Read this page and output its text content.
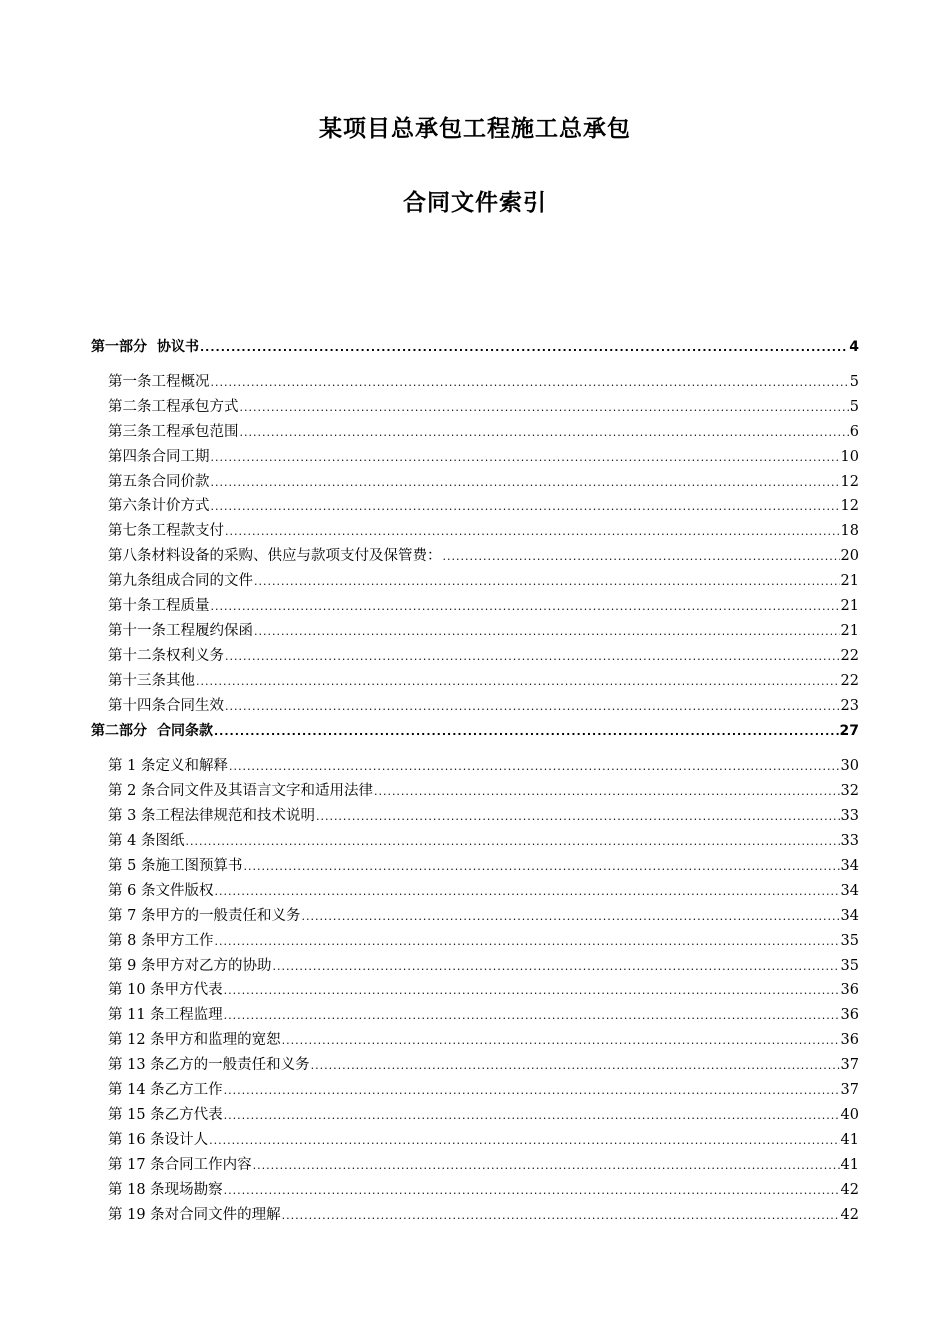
某项目总承包工程施工总承包
合同文件索引
第一部分 协议书 .....	4
第一条 工程概况 .....	5
第二条 工程承包方式 .....	5
第三条 工程承包范围 .....	6
第四条 合同工期 .....	10
第五条 合同价款 .....	12
第六条 计价方式 .....	12
第七条 工程款支付 .....	18
第八条 材料设备的采购、供应与款项支付及保管费： .....	20
第九条 组成合同的文件 .....	21
第十条 工程质量 .....	21
第十一条 工程履约保函 .....	21
第十二条 权利义务 .....	22
第十三条 其他 .....	22
第十四条 合同生效 .....	23
第二部分 合同条款 .....	27
第 1 条 定义和解释 .....	30
第 2 条 合同文件及其语言文字和适用法律 .....	32
第 3 条 工程法律规范和技术说明 .....	33
第 4 条 图纸 .....	33
第 5 条 施工图预算书 .....	34
第 6 条 文件版权 .....	34
第 7 条 甲方的一般责任和义务 .....	34
第 8 条 甲方工作 .....	35
第 9 条 甲方对乙方的协助 .....	35
第 10 条 甲方代表 .....	36
第 11 条 工程监理 .....	36
第 12 条 甲方和监理的宽恕 .....	36
第 13 条 乙方的一般责任和义务 .....	37
第 14 条 乙方工作 .....	37
第 15 条 乙方代表 .....	40
第 16 条 设计人 .....	41
第 17 条 合同工作内容 .....	41
第 18 条 现场勘察 .....	42
第 19 条 对合同文件的理解 .....	42
